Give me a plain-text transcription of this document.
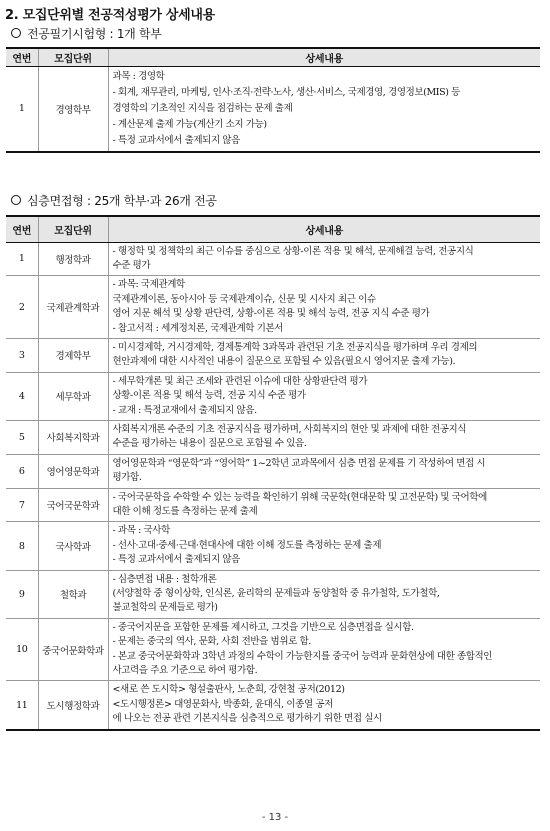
2. 모집단위별 전공적성평가 상세내용
전공필기시험형 : 1개 학부
연번	모집단위	상세내용
1	경영학부	과목 : 경영학
- 회계, 재무관리, 마케팅, 인사·조직·전략·노사, 생산·서비스, 국제경영, 경영정보(MIS) 등
경영학의 기초적인 지식을 점검하는 문제 출제
- 계산문제 출제 가능(계산기 소지 가능)
- 특정 교과서에서 출제되지 않음
심층면접형 : 25개 학부·과 26개 전공
연번	모집단위	상세내용
1	행정학과	- 행정학 및 정책학의 최근 이슈를 중심으로 상황-이론 적용 및 해석, 문제해결 능력, 전공지식
수준 평가

2	국제관계학과	- 과목: 국제관계학
국제관계이론, 동아시아 등 국제관계이슈, 신문 및 시사지 최근 이슈
영어 지문 해석 및 상황 판단력, 상황-이론 적용 및 해석 능력, 전공 지식 수준 평가
- 참고서적 : 세계정치론, 국제관계학 기본서

3	경제학부	- 미시경제학, 거시경제학, 경제통계학 3과목과 관련된 기초 전공지식을 평가하며 우리 경제의
현안과제에 대한 시사적인 내용이 질문으로 포함될 수 있음(필요시 영어지문 출제 가능).

4	세무학과	- 세무학개론 및 최근 조세와 관련된 이슈에 대한 상황판단력 평가
상황-이론 적용 및 해석 능력, 전공 지식 수준 평가
- 교재 : 특정교재에서 출제되지 않음.

5	사회복지학과	사회복지개론 수준의 기초 전공지식을 평가하며, 사회복지의 현안 및 과제에 대한 전공지식
수준을 평가하는 내용이 질문으로 포함될 수 있음.

6	영어영문학과	영어영문학과 “영문학”과 “영어학” 1~2학년 교과목에서 심층 면접 문제를 기 작성하여 면접 시
평가함.

7	국어국문학과	- 국어국문학을 수학할 수 있는 능력을 확인하기 위해 국문학(현대문학 및 고전문학) 및 국어학에
대한 이해 정도를 측정하는 문제 출제

8	국사학과	- 과목 : 국사학
- 선사·고대·중세·근대·현대사에 대한 이해 정도를 측정하는 문제 출제
- 특정 교과서에서 출제되지 않음

9	철학과	- 심층면접 내용 : 철학개론
(서양철학 중 형이상학, 인식론, 윤리학의 문제들과 동양철학 중 유가철학, 도가철학,
불교철학의 문제들로 평가)

10	중국어문화학과	- 중국어지문을 포함한 문제를 제시하고, 그것을 기반으로 심층면접을 실시함.
- 문제는 중국의 역사, 문화, 사회 전반을 범위로 함.
- 본교 중국어문화학과 3학년 과정의 수학이 가능한지를 중국어 능력과 문화현상에 대한 종합적인
사고력을 주요 기준으로 하여 평가함.

11	도시행정학과	<새로 쓴 도시학> 형설출판사, 노춘희, 강현철 공저(2012)
<도시행정론> 대영문화사, 박종화, 윤대식, 이종열 공저
에 나오는 전공 관련 기본지식을 심층적으로 평가하기 위한 면접 실시
- 13 -
